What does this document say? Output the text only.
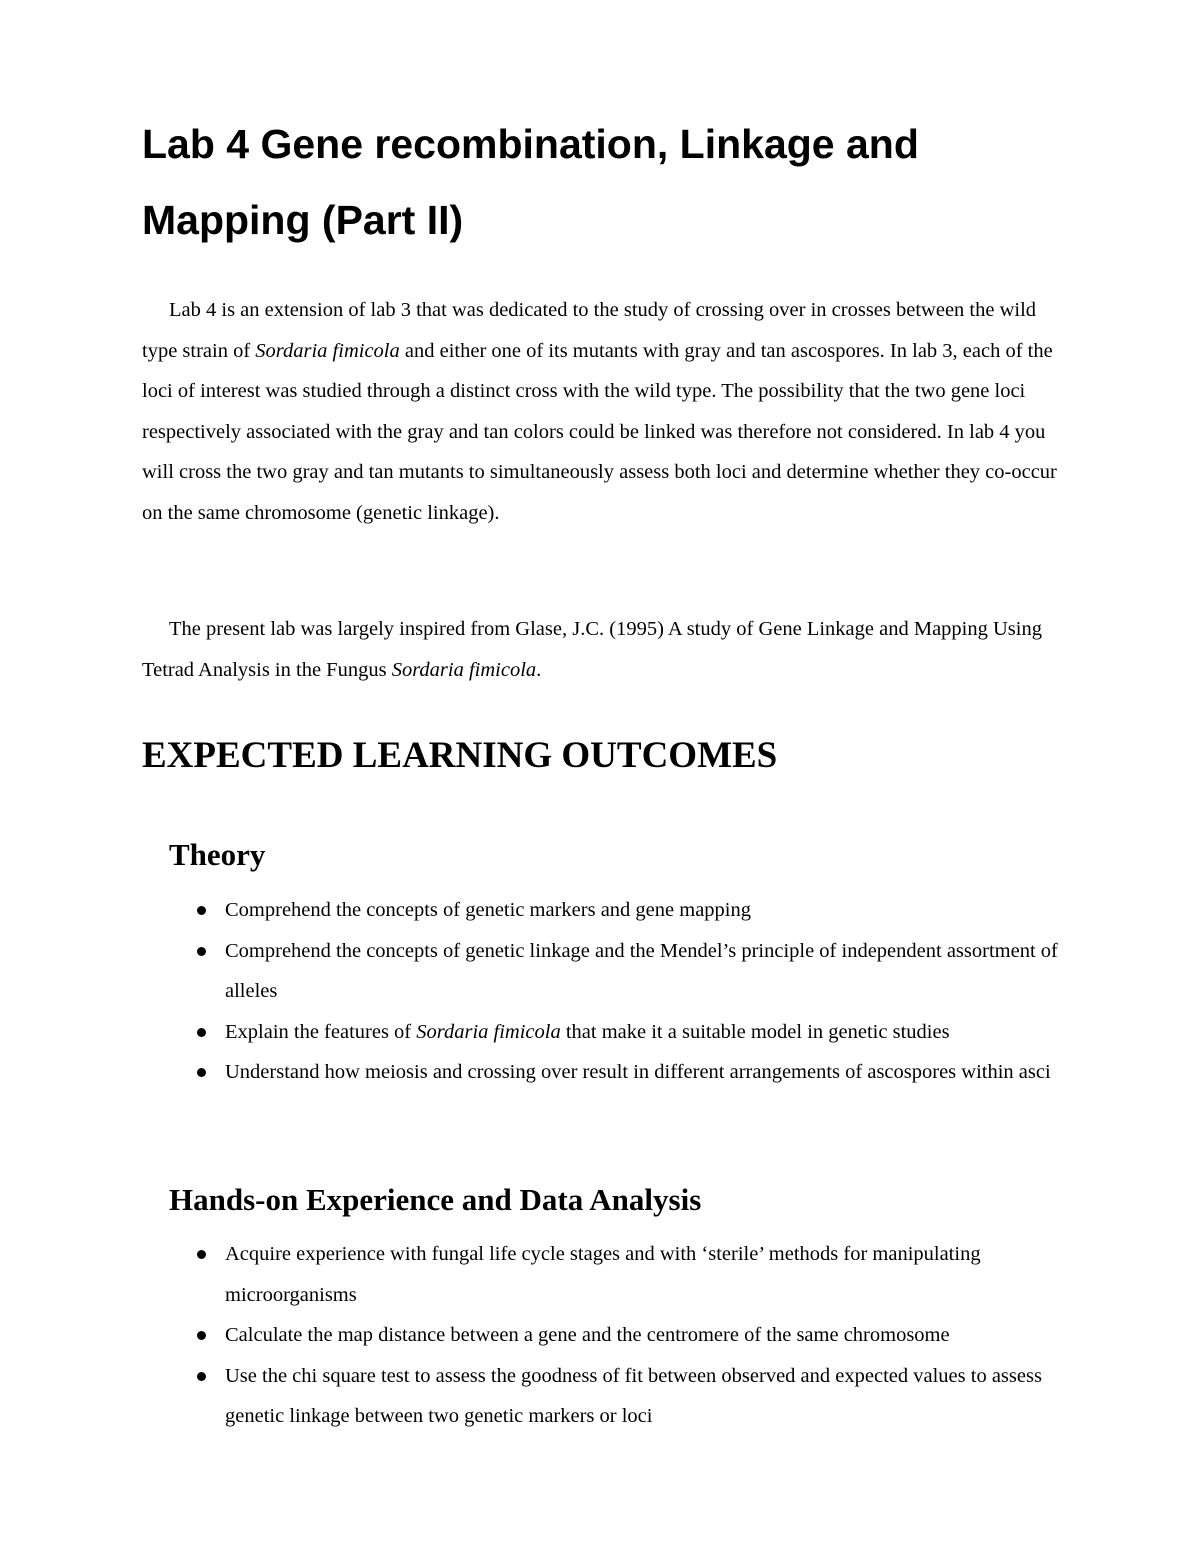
Lab 4 Gene recombination, Linkage and Mapping (Part II)

Lab 4 is an extension of lab 3 that was dedicated to the study of crossing over in crosses between the wild type strain of Sordaria fimicola and either one of its mutants with gray and tan ascospores. In lab 3, each of the loci of interest was studied through a distinct cross with the wild type. The possibility that the two gene loci respectively associated with the gray and tan colors could be linked was therefore not considered. In lab 4 you will cross the two gray and tan mutants to simultaneously assess both loci and determine whether they co-occur on the same chromosome (genetic linkage).

The present lab was largely inspired from Glase, J.C. (1995) A study of Gene Linkage and Mapping Using Tetrad Analysis in the Fungus Sordaria fimicola.

EXPECTED LEARNING OUTCOMES
Theory
Comprehend the concepts of genetic markers and gene mapping
Comprehend the concepts of genetic linkage and the Mendel’s principle of independent assortment of alleles
Explain the features of Sordaria fimicola that make it a suitable model in genetic studies
Understand how meiosis and crossing over result in different arrangements of ascospores within asci
Hands-on Experience and Data Analysis
Acquire experience with fungal life cycle stages and with ‘sterile’ methods for manipulating microorganisms
Calculate the map distance between a gene and the centromere of the same chromosome
Use the chi square test to assess the goodness of fit between observed and expected values to assess genetic linkage between two genetic markers or loci
